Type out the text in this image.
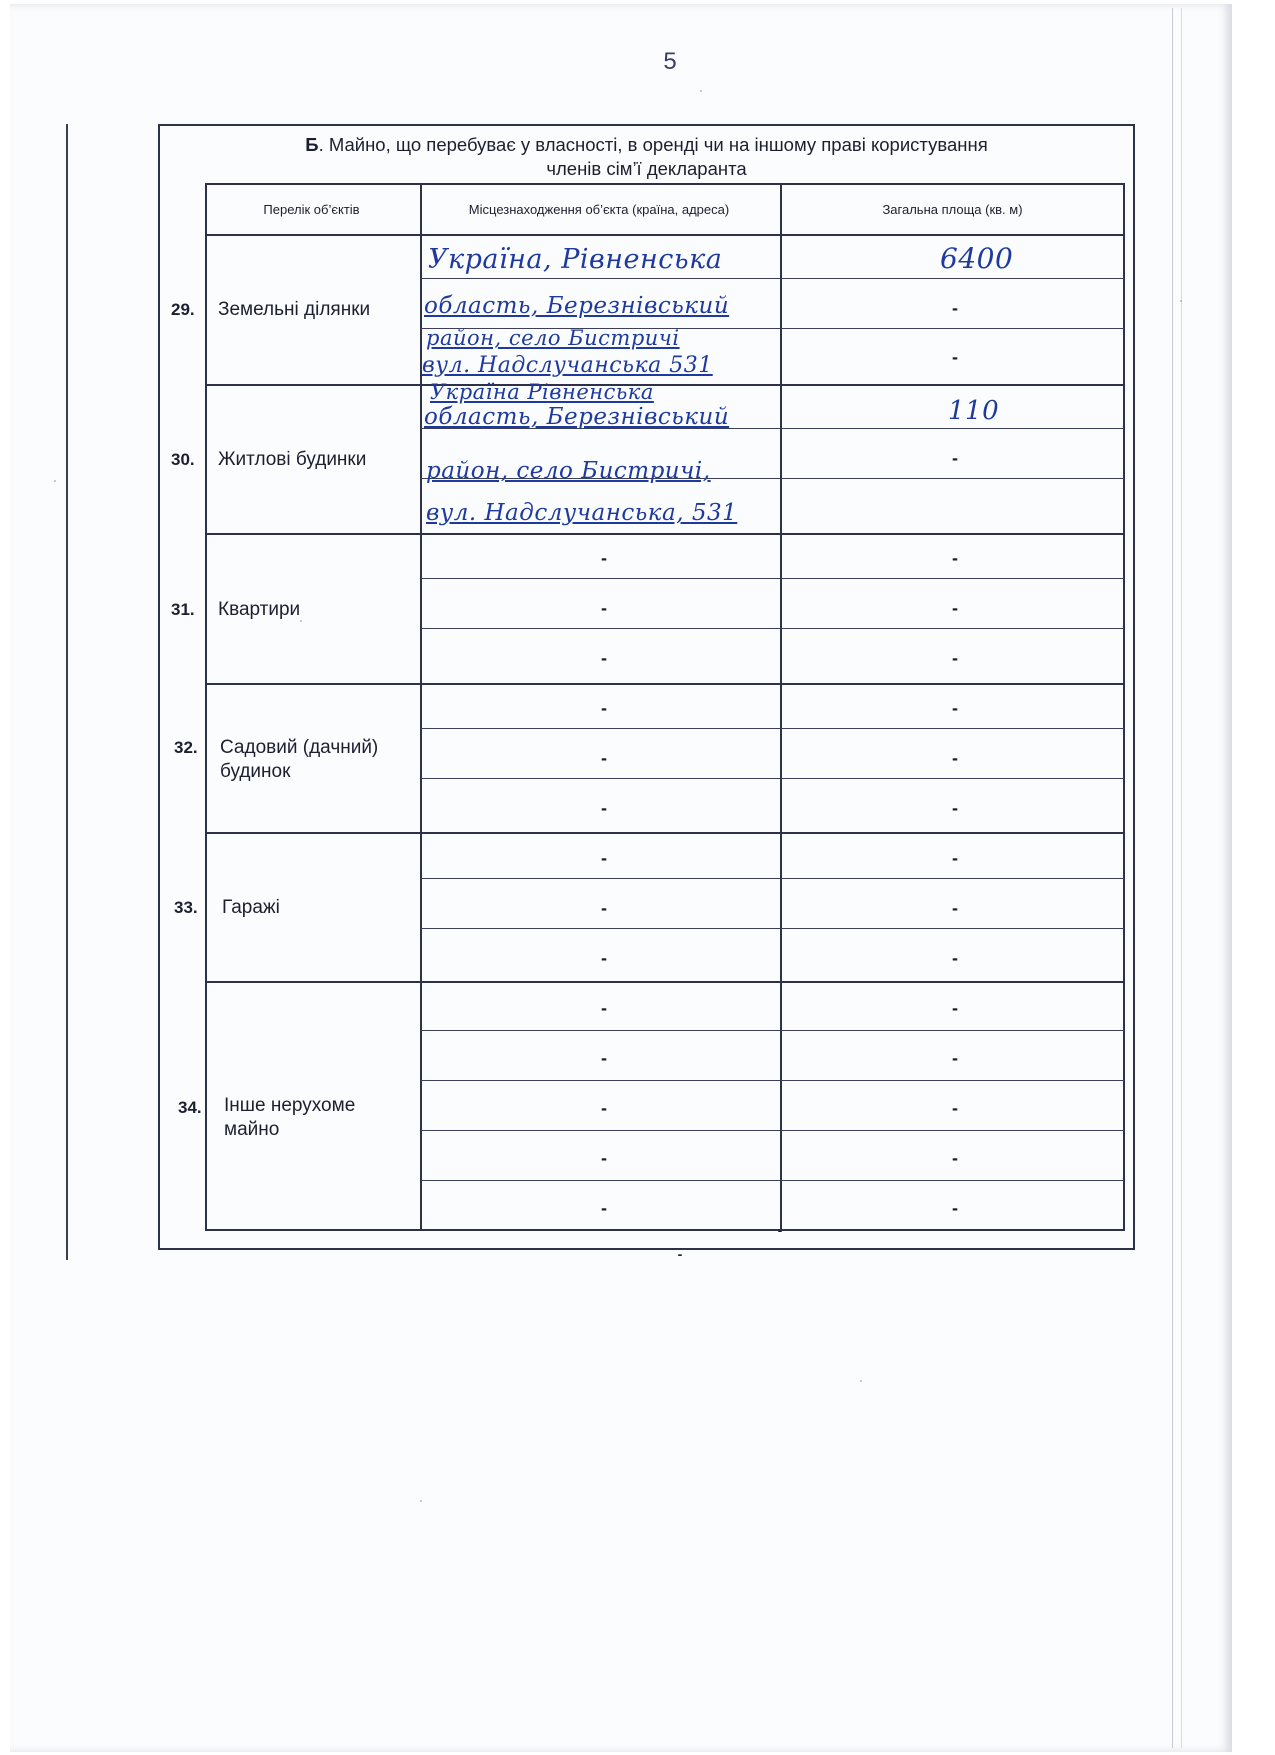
5
Б. Майно, що перебуває у власності, в оренді чи на іншому праві користування
членів сім’ї декларанта
Перелік об’єктів	Місцезнаходження об’єкта (країна, адреса)	Загальна площа (кв. м)
29. Земельні ділянки
Україна, Рівненська
область, Березнівський
район, село Бистричі
вул. Надслучанська 531
6400
-
-
30. Житлові будинки
Україна Рівненська
область, Березнівський
район, село Бистричі,
вул. Надслучанська, 531
110
-
31. Квартири
-
-
-
-
-
-
32. Садовий (дачний)
будинок
-
-
-
-
-
-
33. Гаражі
-
-
-
-
-
-
34. Інше нерухоме
майно
-
-
-
-
-
-
-
-
-
-
-
-
